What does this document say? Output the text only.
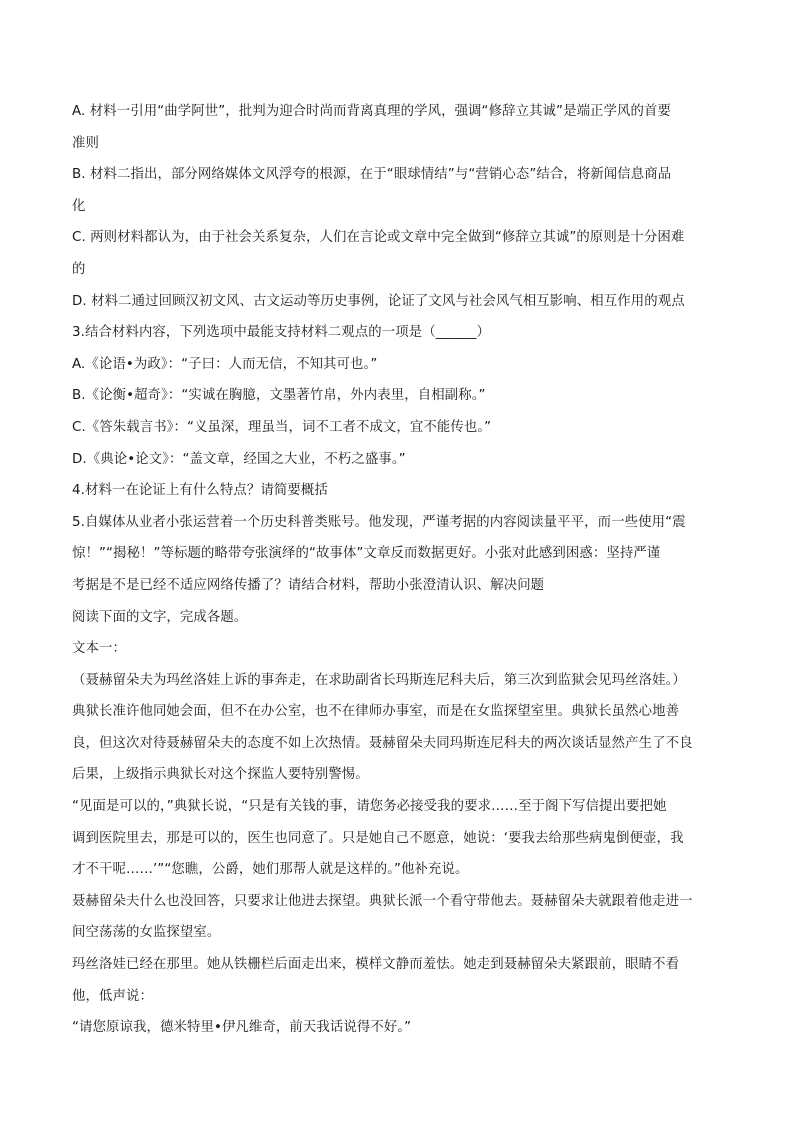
A. 材料一引用“曲学阿世”，批判为迎合时尚而背离真理的学风，强调“修辞立其诚”是端正学风的首要
准则
B. 材料二指出，部分网络媒体文风浮夸的根源，在于“眼球情结”与“营销心态”结合，将新闻信息商品
化
C. 两则材料都认为，由于社会关系复杂，人们在言论或文章中完全做到“修辞立其诚”的原则是十分困难
的
D. 材料二通过回顾汉初文风、古文运动等历史事例，论证了文风与社会风气相互影响、相互作用的观点
3.结合材料内容，下列选项中最能支持材料二观点的一项是（______）
A.《论语•为政》：“子曰：人而无信，不知其可也。”
B.《论衡•超奇》：“实诚在胸臆，文墨著竹帛，外内表里，自相副称。”
C.《答朱载言书》：“义虽深，理虽当，词不工者不成文，宜不能传也。”
D.《典论•论文》：“盖文章，经国之大业，不朽之盛事。”
4.材料一在论证上有什么特点？请简要概括
5.自媒体从业者小张运营着一个历史科普类账号。他发现，严谨考据的内容阅读量平平，而一些使用“震
惊！”“揭秘！”等标题的略带夸张演绎的“故事体”文章反而数据更好。小张对此感到困惑：坚持严谨
考据是不是已经不适应网络传播了？请结合材料，帮助小张澄清认识、解决问题
阅读下面的文字，完成各题。
文本一：
（聂赫留朵夫为玛丝洛娃上诉的事奔走，在求助副省长玛斯连尼科夫后，第三次到监狱会见玛丝洛娃。）
典狱长准许他同她会面，但不在办公室，也不在律师办事室，而是在女监探望室里。典狱长虽然心地善
良，但这次对待聂赫留朵夫的态度不如上次热情。聂赫留朵夫同玛斯连尼科夫的两次谈话显然产生了不良
后果，上级指示典狱长对这个探监人要特别警惕。
“见面是可以的，”典狱长说，“只是有关钱的事，请您务必接受我的要求……至于阁下写信提出要把她
调到医院里去，那是可以的，医生也同意了。只是她自己不愿意，她说：‘要我去给那些病鬼倒便壶，我
才不干呢……’”“您瞧，公爵，她们那帮人就是这样的。”他补充说。
聂赫留朵夫什么也没回答，只要求让他进去探望。典狱长派一个看守带他去。聂赫留朵夫就跟着他走进一
间空荡荡的女监探望室。
玛丝洛娃已经在那里。她从铁栅栏后面走出来，模样文静而羞怯。她走到聂赫留朵夫紧跟前，眼睛不看
他，低声说：
“请您原谅我，德米特里•伊凡维奇，前天我话说得不好。”
